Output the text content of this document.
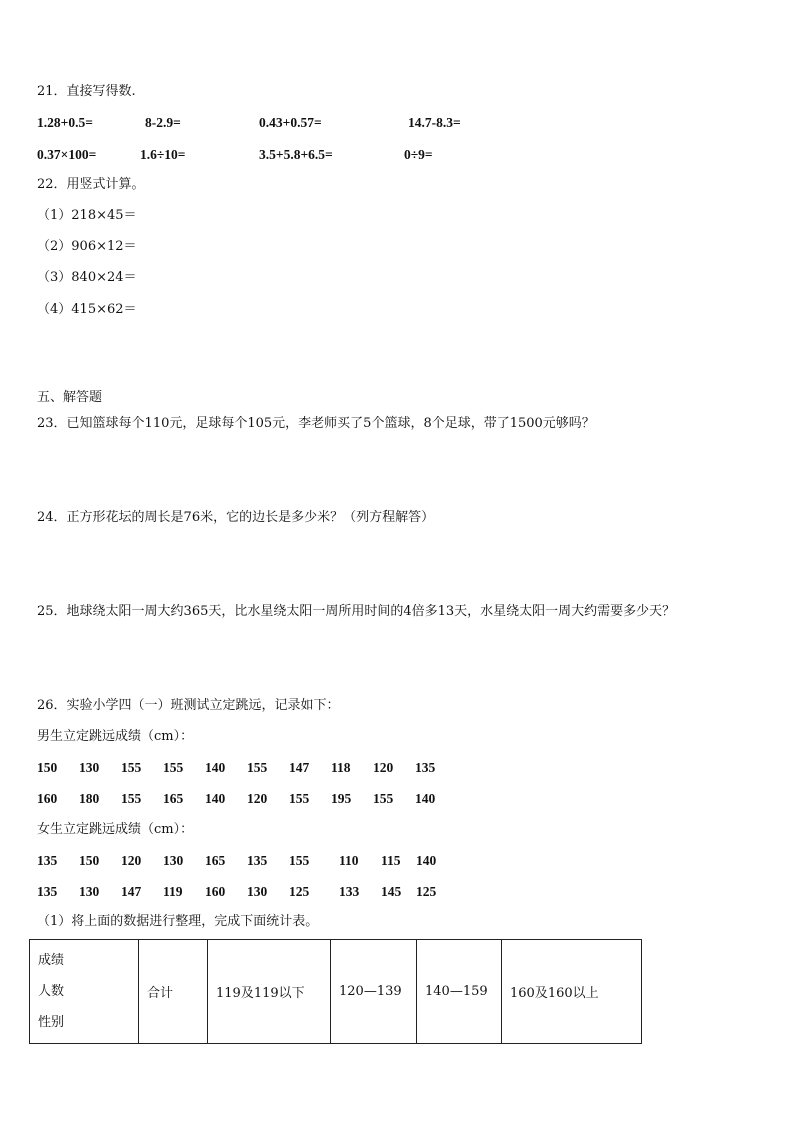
21．直接写得数.
1.28+0.5=	8-2.9=	0.43+0.57=	14.7-8.3=
0.37×100=	1.6÷10=	3.5+5.8+6.5=	0÷9=
22．用竖式计算。
（1）218×45＝
（2）906×12＝
（3）840×24＝
（4）415×62＝
五、解答题
23．已知篮球每个110元，足球每个105元，李老师买了5个篮球，8个足球，带了1500元够吗？
24．正方形花坛的周长是76米，它的边长是多少米？（列方程解答）
25．地球绕太阳一周大约365天，比水星绕太阳一周所用时间的4倍多13天，水星绕太阳一周大约需要多少天？
26．实验小学四（一）班测试立定跳远，记录如下：
男生立定跳远成绩（cm）：
150 130 155 155 140 155 147 118 120 135
160 180 155 165 140 120 155 195 155 140
女生立定跳远成绩（cm）：
135 150 120 130 165 135 155 110 115 140
135 130 147 119 160 130 125 133 145 125
（1）将上面的数据进行整理，完成下面统计表。
成绩
人数
性别
	合计	119及119以下	120—139	140—159	160及160以上
